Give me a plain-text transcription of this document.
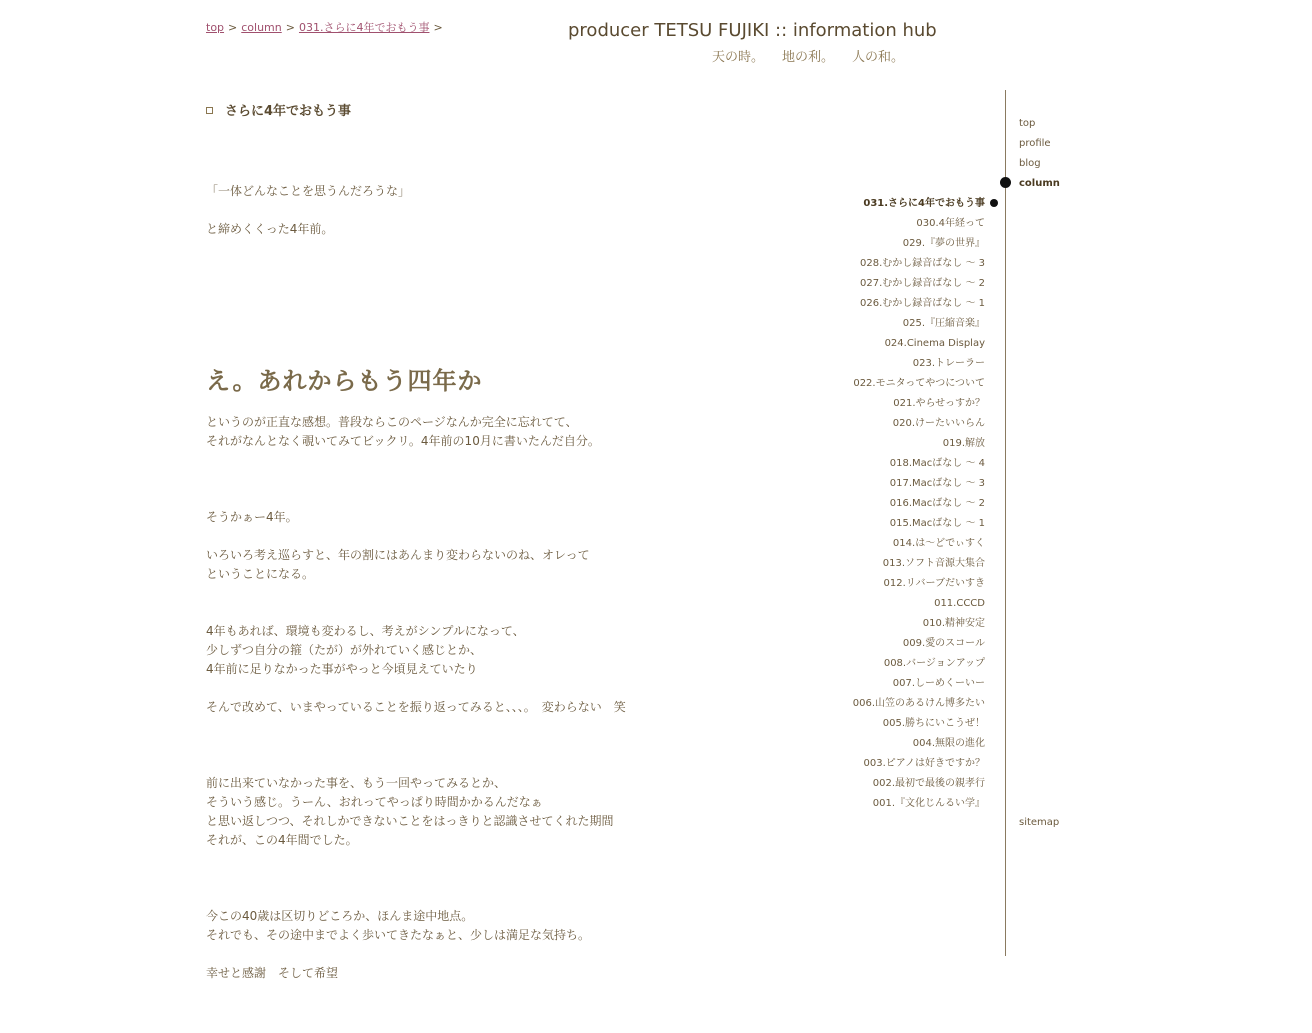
top > column > 031.さらに4年でおもう事 >	producer TETSU FUJIKI :: information hub
天の時。 地の利。 人の和。
さらに4年でおもう事

「一体どんなことを思うんだろうな」

と締めくくった4年前。

え。あれからもう四年か

というのが正直な感想。普段ならこのページなんか完全に忘れてて、

それがなんとなく覗いてみてビックリ。4年前の10月に書いたんだ自分。

そうかぁー4年。

いろいろ考え巡らすと、年の割にはあんまり変わらないのね、オレって

ということになる。

4年もあれば、環境も変わるし、考えがシンプルになって、

少しずつ自分の箍（たが）が外れていく感じとか、

4年前に足りなかった事がやっと今頃見えていたり

そんで改めて、いまやっていることを振り返ってみると、、、。　変わらない　笑

前に出来ていなかった事を、もう一回やってみるとか、

そういう感じ。うーん、おれってやっぱり時間かかるんだなぁ

と思い返しつつ、それしかできないことをはっきりと認識させてくれた期間

それが、この4年間でした。

今この40歳は区切りどころか、ほんま途中地点。

それでも、その途中までよく歩いてきたなぁと、少しは満足な気持ち。

幸せと感謝　そして希望

top
profile
blog
column
sitemap
031.さらに4年でおもう事
030.4年経って
029.『夢の世界』
028.むかし録音ばなし 〜 3
027.むかし録音ばなし 〜 2
026.むかし録音ばなし 〜 1
025.『圧縮音楽』
024.Cinema Display
023.トレーラー
022.モニタってやつについて
021.やらせっすか？
020.けーたいいらん
019.解放
018.Macばなし 〜 4
017.Macばなし 〜 3
016.Macばなし 〜 2
015.Macばなし 〜 1
014.は〜どでぃすく
013.ソフト音源大集合
012.リバーブだいすき
011.CCCD
010.精神安定
009.愛のスコール
008.バージョンアップ
007.しーめくーいー
006.山笠のあるけん博多たい
005.勝ちにいこうぜ！
004.無限の進化
003.ピアノは好きですか？
002.最初で最後の親孝行
001.『文化じんるい学』
